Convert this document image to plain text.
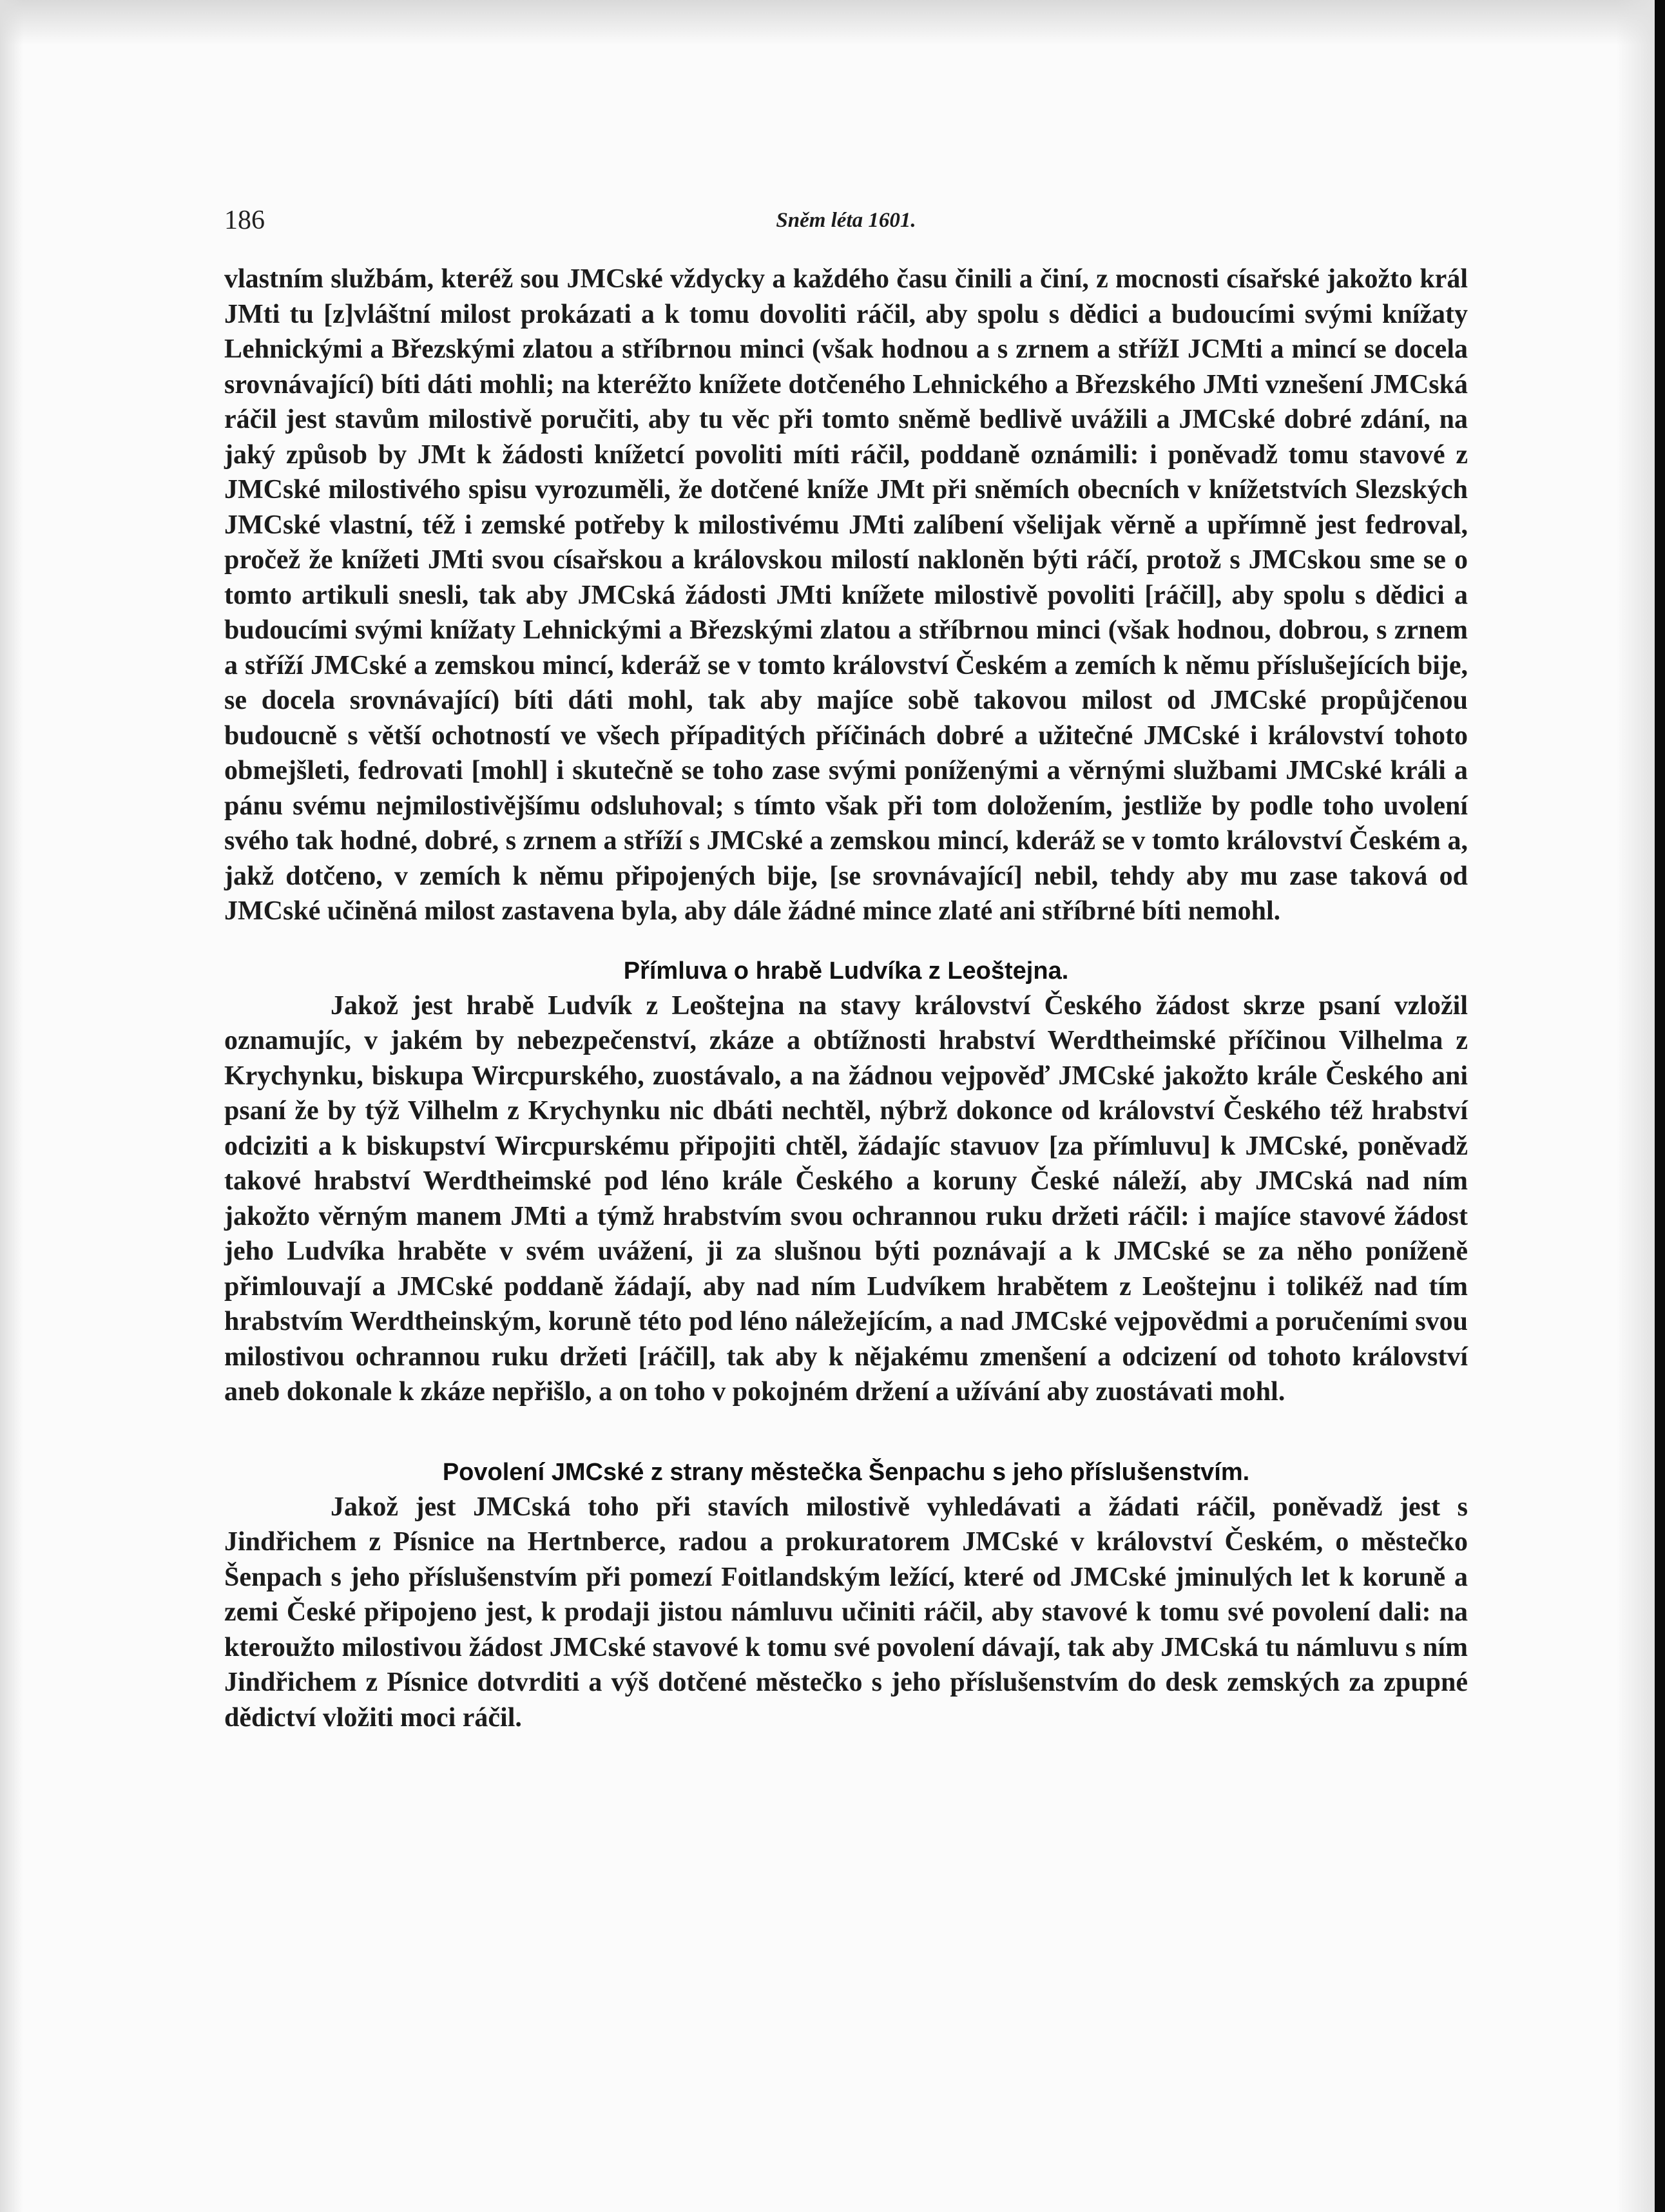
186	Sněm léta 1601.

vlastním službám, kteréž sou JMCské vždycky a každého času činili a činí, z mocnosti císařské jakožto král JMti tu [z]vláštní milost prokázati a k tomu dovoliti ráčil, aby spolu s dědici a budoucími svými knížaty Lehnickými a Březskými zlatou a stříbrnou minci (však hodnou a s zrnem a střížI JCMti a mincí se docela srovnávající) bíti dáti mohli; na kteréžto knížete dotčeného Lehnického a Březského JMti vznešení JMCská ráčil jest stavům milostivě poručiti, aby tu věc při tomto sněmě bedlivě uvážili a JMCské dobré zdání, na jaký způsob by JMt k žádosti knížetcí povoliti míti ráčil, poddaně oznámili: i poněvadž tomu stavové z JMCské milostivého spisu vyrozuměli, že dotčené kníže JMt při sněmích obecních v knížetstvích Slezských JMCské vlastní, též i zemské potřeby k milostivému JMti zalíbení všelijak věrně a upřímně jest fedroval, pročež že knížeti JMti svou císařskou a královskou milostí nakloněn býti ráčí, protož s JMCskou sme se o tomto artikuli snesli, tak aby JMCská žádosti JMti knížete milostivě povoliti [ráčil], aby spolu s dědici a budoucími svými knížaty Lehnickými a Březskými zlatou a stříbrnou minci (však hodnou, dobrou, s zrnem a stříží JMCské a zemskou mincí, kderáž se v tomto království Českém a zemích k němu příslušejících bije, se docela srovnávající) bíti dáti mohl, tak aby majíce sobě takovou milost od JMCské propůjčenou budoucně s větší ochotností ve všech případitých příčinách dobré a užitečné JMCské i království tohoto obmejšleti, fedrovati [mohl] i skutečně se toho zase svými poníženými a věrnými službami JMCské králi a pánu svému nejmilostivějšímu odsluhoval; s tímto však při tom doložením, jestliže by podle toho uvolení svého tak hodné, dobré, s zrnem a stříží s JMCské a zemskou mincí, kderáž se v tomto království Českém a, jakž dotčeno, v zemích k němu připojených bije, [se srovnávající] nebil, tehdy aby mu zase taková od JMCské učiněná milost zastavena byla, aby dále žádné mince zlaté ani stříbrné bíti nemohl.

Přímluva o hrabě Ludvíka z Leoštejna.

Jakož jest hrabě Ludvík z Leoštejna na stavy království Českého žádost skrze psaní vzložil oznamujíc, v jakém by nebezpečenství, zkáze a obtížnosti hrabství Werdtheimské příčinou Vilhelma z Krychynku, biskupa Wircpurského, zuostávalo, a na žádnou vejpověď JMCské jakožto krále Českého ani psaní že by týž Vilhelm z Krychynku nic dbáti nechtěl, nýbrž dokonce od království Českého též hrabství odciziti a k biskupství Wircpurskému připojiti chtěl, žádajíc stavuov [za přímluvu] k JMCské, poněvadž takové hrabství Werdtheimské pod léno krále Českého a koruny České náleží, aby JMCská nad ním jakožto věrným manem JMti a týmž hrabstvím svou ochrannou ruku držeti ráčil: i majíce stavové žádost jeho Ludvíka hraběte v svém uvážení, ji za slušnou býti poznávají a k JMCské se za něho poníženě přimlouvají a JMCské poddaně žádají, aby nad ním Ludvíkem hrabětem z Leoštejnu i tolikéž nad tím hrabstvím Werdtheinským, koruně této pod léno náležejícím, a nad JMCské vejpovědmi a poručeními svou milostivou ochrannou ruku držeti [ráčil], tak aby k nějakému zmenšení a odcizení od tohoto království aneb dokonale k zkáze nepřišlo, a on toho v pokojném držení a užívání aby zuostávati mohl.

Povolení JMCské z strany městečka Šenpachu s jeho příslušenstvím.

Jakož jest JMCská toho při stavích milostivě vyhledávati a žádati ráčil, poněvadž jest s Jindřichem z Písnice na Hertnberce, radou a prokuratorem JMCské v království Českém, o městečko Šenpach s jeho příslušenstvím při pomezí Foitlandským ležící, které od JMCské jminulých let k koruně a zemi České připojeno jest, k prodaji jistou námluvu učiniti ráčil, aby stavové k tomu své povolení dali: na kteroužto milostivou žádost JMCské stavové k tomu své povolení dávají, tak aby JMCská tu námluvu s ním Jindřichem z Písnice dotvrditi a výš dotčené městečko s jeho příslušenstvím do desk zemských za zpupné dědictví vložiti moci ráčil.
